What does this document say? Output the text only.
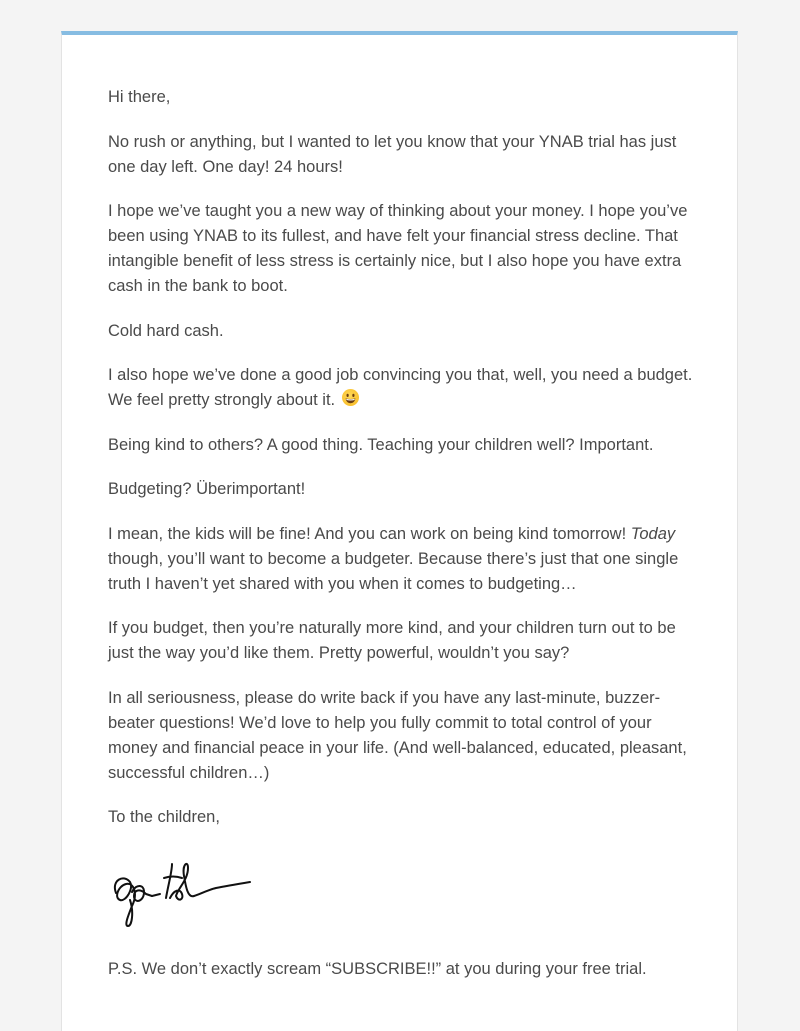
Hi there,

No rush or anything, but I wanted to let you know that your YNAB trial has just one day left. One day! 24 hours!

I hope we’ve taught you a new way of thinking about your money. I hope you’ve been using YNAB to its fullest, and have felt your financial stress decline. That intangible benefit of less stress is certainly nice, but I also hope you have extra cash in the bank to boot.

Cold hard cash.

I also hope we’ve done a good job convincing you that, well, you need a budget. We feel pretty strongly about it.

Being kind to others? A good thing. Teaching your children well? Important.

Budgeting? Überimportant!

I mean, the kids will be fine! And you can work on being kind tomorrow! Today though, you’ll want to become a budgeter. Because there’s just that one single truth I haven’t yet shared with you when it comes to budgeting…

If you budget, then you’re naturally more kind, and your children turn out to be just the way you’d like them. Pretty powerful, wouldn’t you say?

In all seriousness, please do write back if you have any last-minute, buzzer-beater questions! We’d love to help you fully commit to total control of your money and financial peace in your life. (And well-balanced, educated, pleasant, successful children…)

To the children,

P.S. We don’t exactly scream “SUBSCRIBE!!” at you during your free trial.
